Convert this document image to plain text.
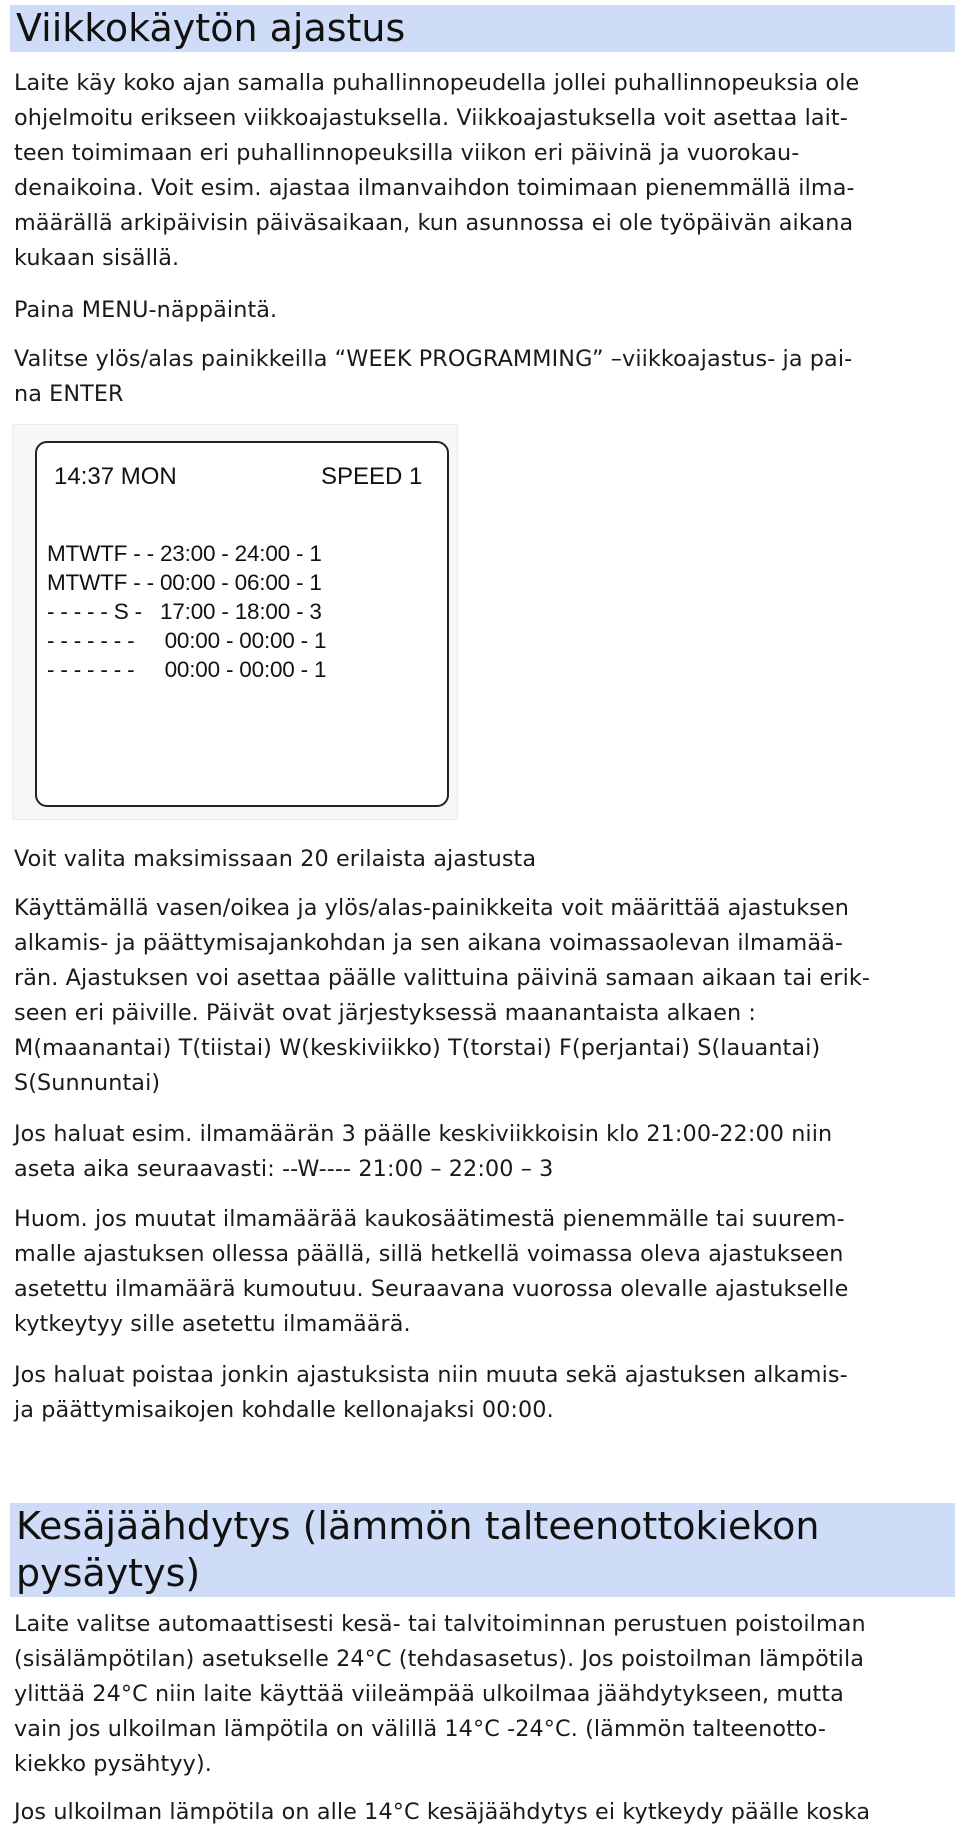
Viikkokäytön ajastus

Laite käy koko ajan samalla puhallinnopeudella jollei puhallinnopeuksia ole
ohjelmoitu erikseen viikkoajastuksella. Viikkoajastuksella voit asettaa lait-
teen toimimaan eri puhallinnopeuksilla viikon eri päivinä ja vuorokau-
denaikoina. Voit esim. ajastaa ilmanvaihdon toimimaan pienemmällä ilma-
määrällä arkipäivisin päiväsaikaan, kun asunnossa ei ole työpäivän aikana
kukaan sisällä.

Paina MENU-näppäintä.

Valitse ylös/alas painikkeilla “WEEK PROGRAMMING” –viikkoajastus- ja pai-
na ENTER

14:37 MON	SPEED 1
MTWTF - - 23:00 - 24:00 - 1
MTWTF - - 00:00 - 06:00 - 1
- - - - - S -   17:00 - 18:00 - 3
- - - - - - -     00:00 - 00:00 - 1
- - - - - - -     00:00 - 00:00 - 1

Voit valita maksimissaan 20 erilaista ajastusta

Käyttämällä vasen/oikea ja ylös/alas-painikkeita voit määrittää ajastuksen
alkamis- ja päättymisajankohdan ja sen aikana voimassaolevan ilmamää-
rän. Ajastuksen voi asettaa päälle valittuina päivinä samaan aikaan tai erik-
seen eri päiville. Päivät ovat järjestyksessä maanantaista alkaen :
M(maanantai) T(tiistai) W(keskiviikko) T(torstai) F(perjantai) S(lauantai)
S(Sunnuntai)

Jos haluat esim. ilmamäärän 3 päälle keskiviikkoisin klo 21:00-22:00 niin
aseta aika seuraavasti: --W---- 21:00 – 22:00 – 3

Huom. jos muutat ilmamäärää kaukosäätimestä pienemmälle tai suurem-
malle ajastuksen ollessa päällä, sillä hetkellä voimassa oleva ajastukseen
asetettu ilmamäärä kumoutuu. Seuraavana vuorossa olevalle ajastukselle
kytkeytyy sille asetettu ilmamäärä.

Jos haluat poistaa jonkin ajastuksista niin muuta sekä ajastuksen alkamis-
ja päättymisaikojen kohdalle kellonajaksi 00:00.

Kesäjäähdytys (lämmön talteenottokiekon
pysäytys)

Laite valitse automaattisesti kesä- tai talvitoiminnan perustuen poistoilman
(sisälämpötilan) asetukselle 24°C (tehdasasetus). Jos poistoilman lämpötila
ylittää 24°C niin laite käyttää viileämpää ulkoilmaa jäähdytykseen, mutta
vain jos ulkoilman lämpötila on välillä 14°C -24°C. (lämmön talteenotto-
kiekko pysähtyy).

Jos ulkoilman lämpötila on alle 14°C kesäjäähdytys ei kytkeydy päälle koska
